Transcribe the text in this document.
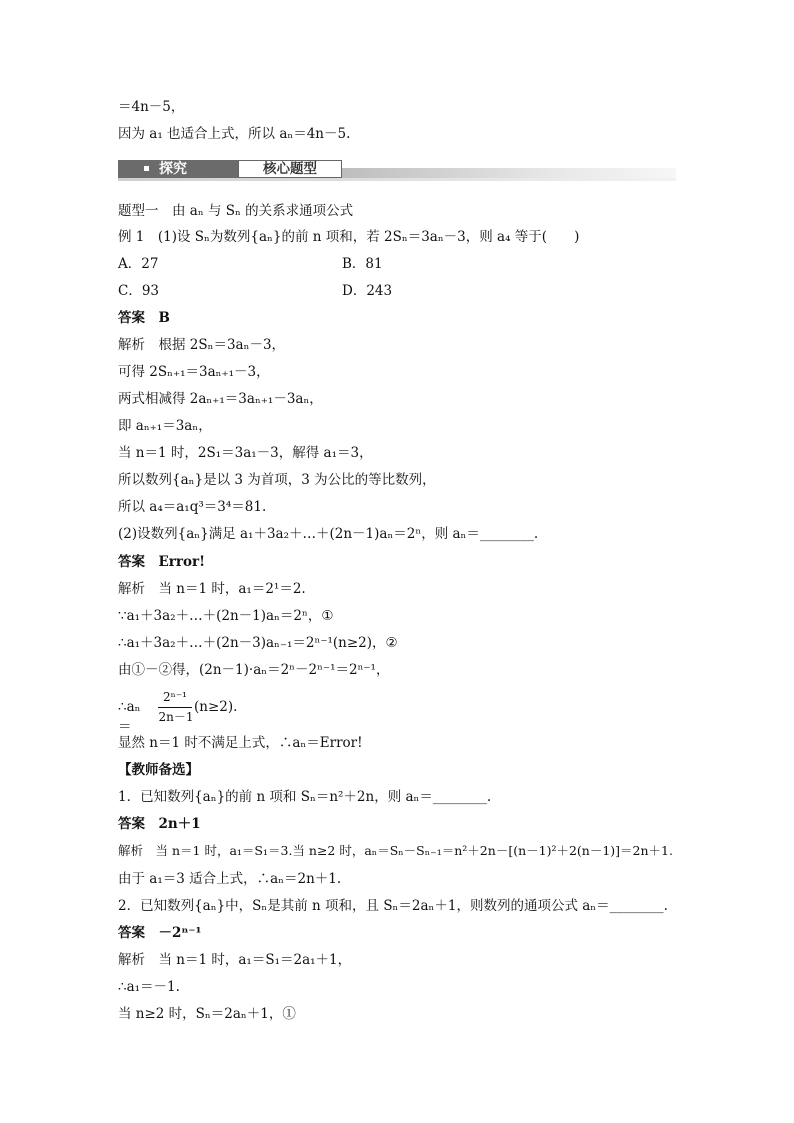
＝4n－5，
因为 a₁ 也适合上式，所以 aₙ＝4n－5.
探究	核心题型
题型一　由 aₙ 与 Sₙ 的关系求通项公式
例 1　(1)设 Sₙ为数列{aₙ}的前 n 项和，若 2Sₙ＝3aₙ－3，则 a₄ 等于(　　)
A．27	B．81
C．93	D．243
答案　B
解析　根据 2Sₙ＝3aₙ－3，
可得 2Sₙ₊₁＝3aₙ₊₁－3，
两式相减得 2aₙ₊₁＝3aₙ₊₁－3aₙ，
即 aₙ₊₁＝3aₙ，
当 n＝1 时，2S₁＝3a₁－3，解得 a₁＝3，
所以数列{aₙ}是以 3 为首项，3 为公比的等比数列，
所以 a₄＝a₁q³＝3⁴＝81.
(2)设数列{aₙ}满足 a₁＋3a₂＋…＋(2n－1)aₙ＝2ⁿ，则 aₙ＝________.
答案　Error!
解析　当 n＝1 时，a₁＝2¹＝2.
∵a₁＋3a₂＋…＋(2n－1)aₙ＝2ⁿ，①
∴a₁＋3a₂＋…＋(2n－3)aₙ₋₁＝2ⁿ⁻¹(n≥2)，②
由①－②得，(2n－1)·aₙ＝2ⁿ－2ⁿ⁻¹＝2ⁿ⁻¹，
∴aₙ＝
2ⁿ⁻¹
2n－1
(n≥2).
显然 n＝1 时不满足上式，∴aₙ＝Error!
【教师备选】
1．已知数列{aₙ}的前 n 项和 Sₙ＝n²＋2n，则 aₙ＝________.
答案　2n＋1
解析　当 n＝1 时，a₁＝S₁＝3.当 n≥2 时，aₙ＝Sₙ－Sₙ₋₁＝n²＋2n－[(n－1)²＋2(n－1)]＝2n＋1.
由于 a₁＝3 适合上式，∴aₙ＝2n＋1.
2．已知数列{aₙ}中，Sₙ是其前 n 项和，且 Sₙ＝2aₙ＋1，则数列的通项公式 aₙ＝________.
答案　－2ⁿ⁻¹
解析　当 n＝1 时，a₁＝S₁＝2a₁＋1，
∴a₁＝－1.
当 n≥2 时，Sₙ＝2aₙ＋1，①
